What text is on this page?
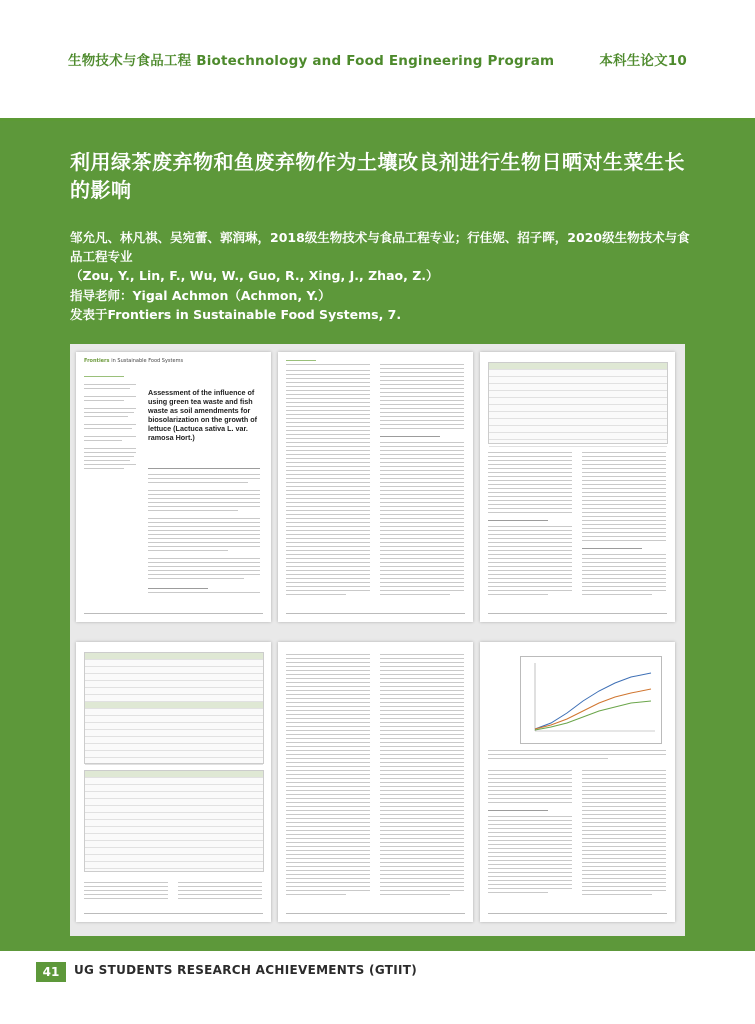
生物技术与食品工程 Biotechnology and Food Engineering Program	本科生论文10
利用绿茶废弃物和鱼废弃物作为土壤改良剂进行生物日晒对生菜生长的影响
邹允凡、林凡祺、吴宛蕾、郭润琳，2018级生物技术与食品工程专业；行佳妮、招子晖，2020级生物技术与食品工程专业
（Zou, Y., Lin, F., Wu, W., Guo, R., Xing, J., Zhao, Z.）
指导老师：Yigal Achmon（Achmon, Y.）
发表于Frontiers in Sustainable Food Systems, 7.
Frontiers in Sustainable Food Systems
Assessment of the influence of using green tea waste and fish waste as soil amendments for biosolarization on the growth of lettuce (Lactuca sativa L. var. ramosa Hort.)
41	UG STUDENTS RESEARCH ACHIEVEMENTS (GTIIT)
